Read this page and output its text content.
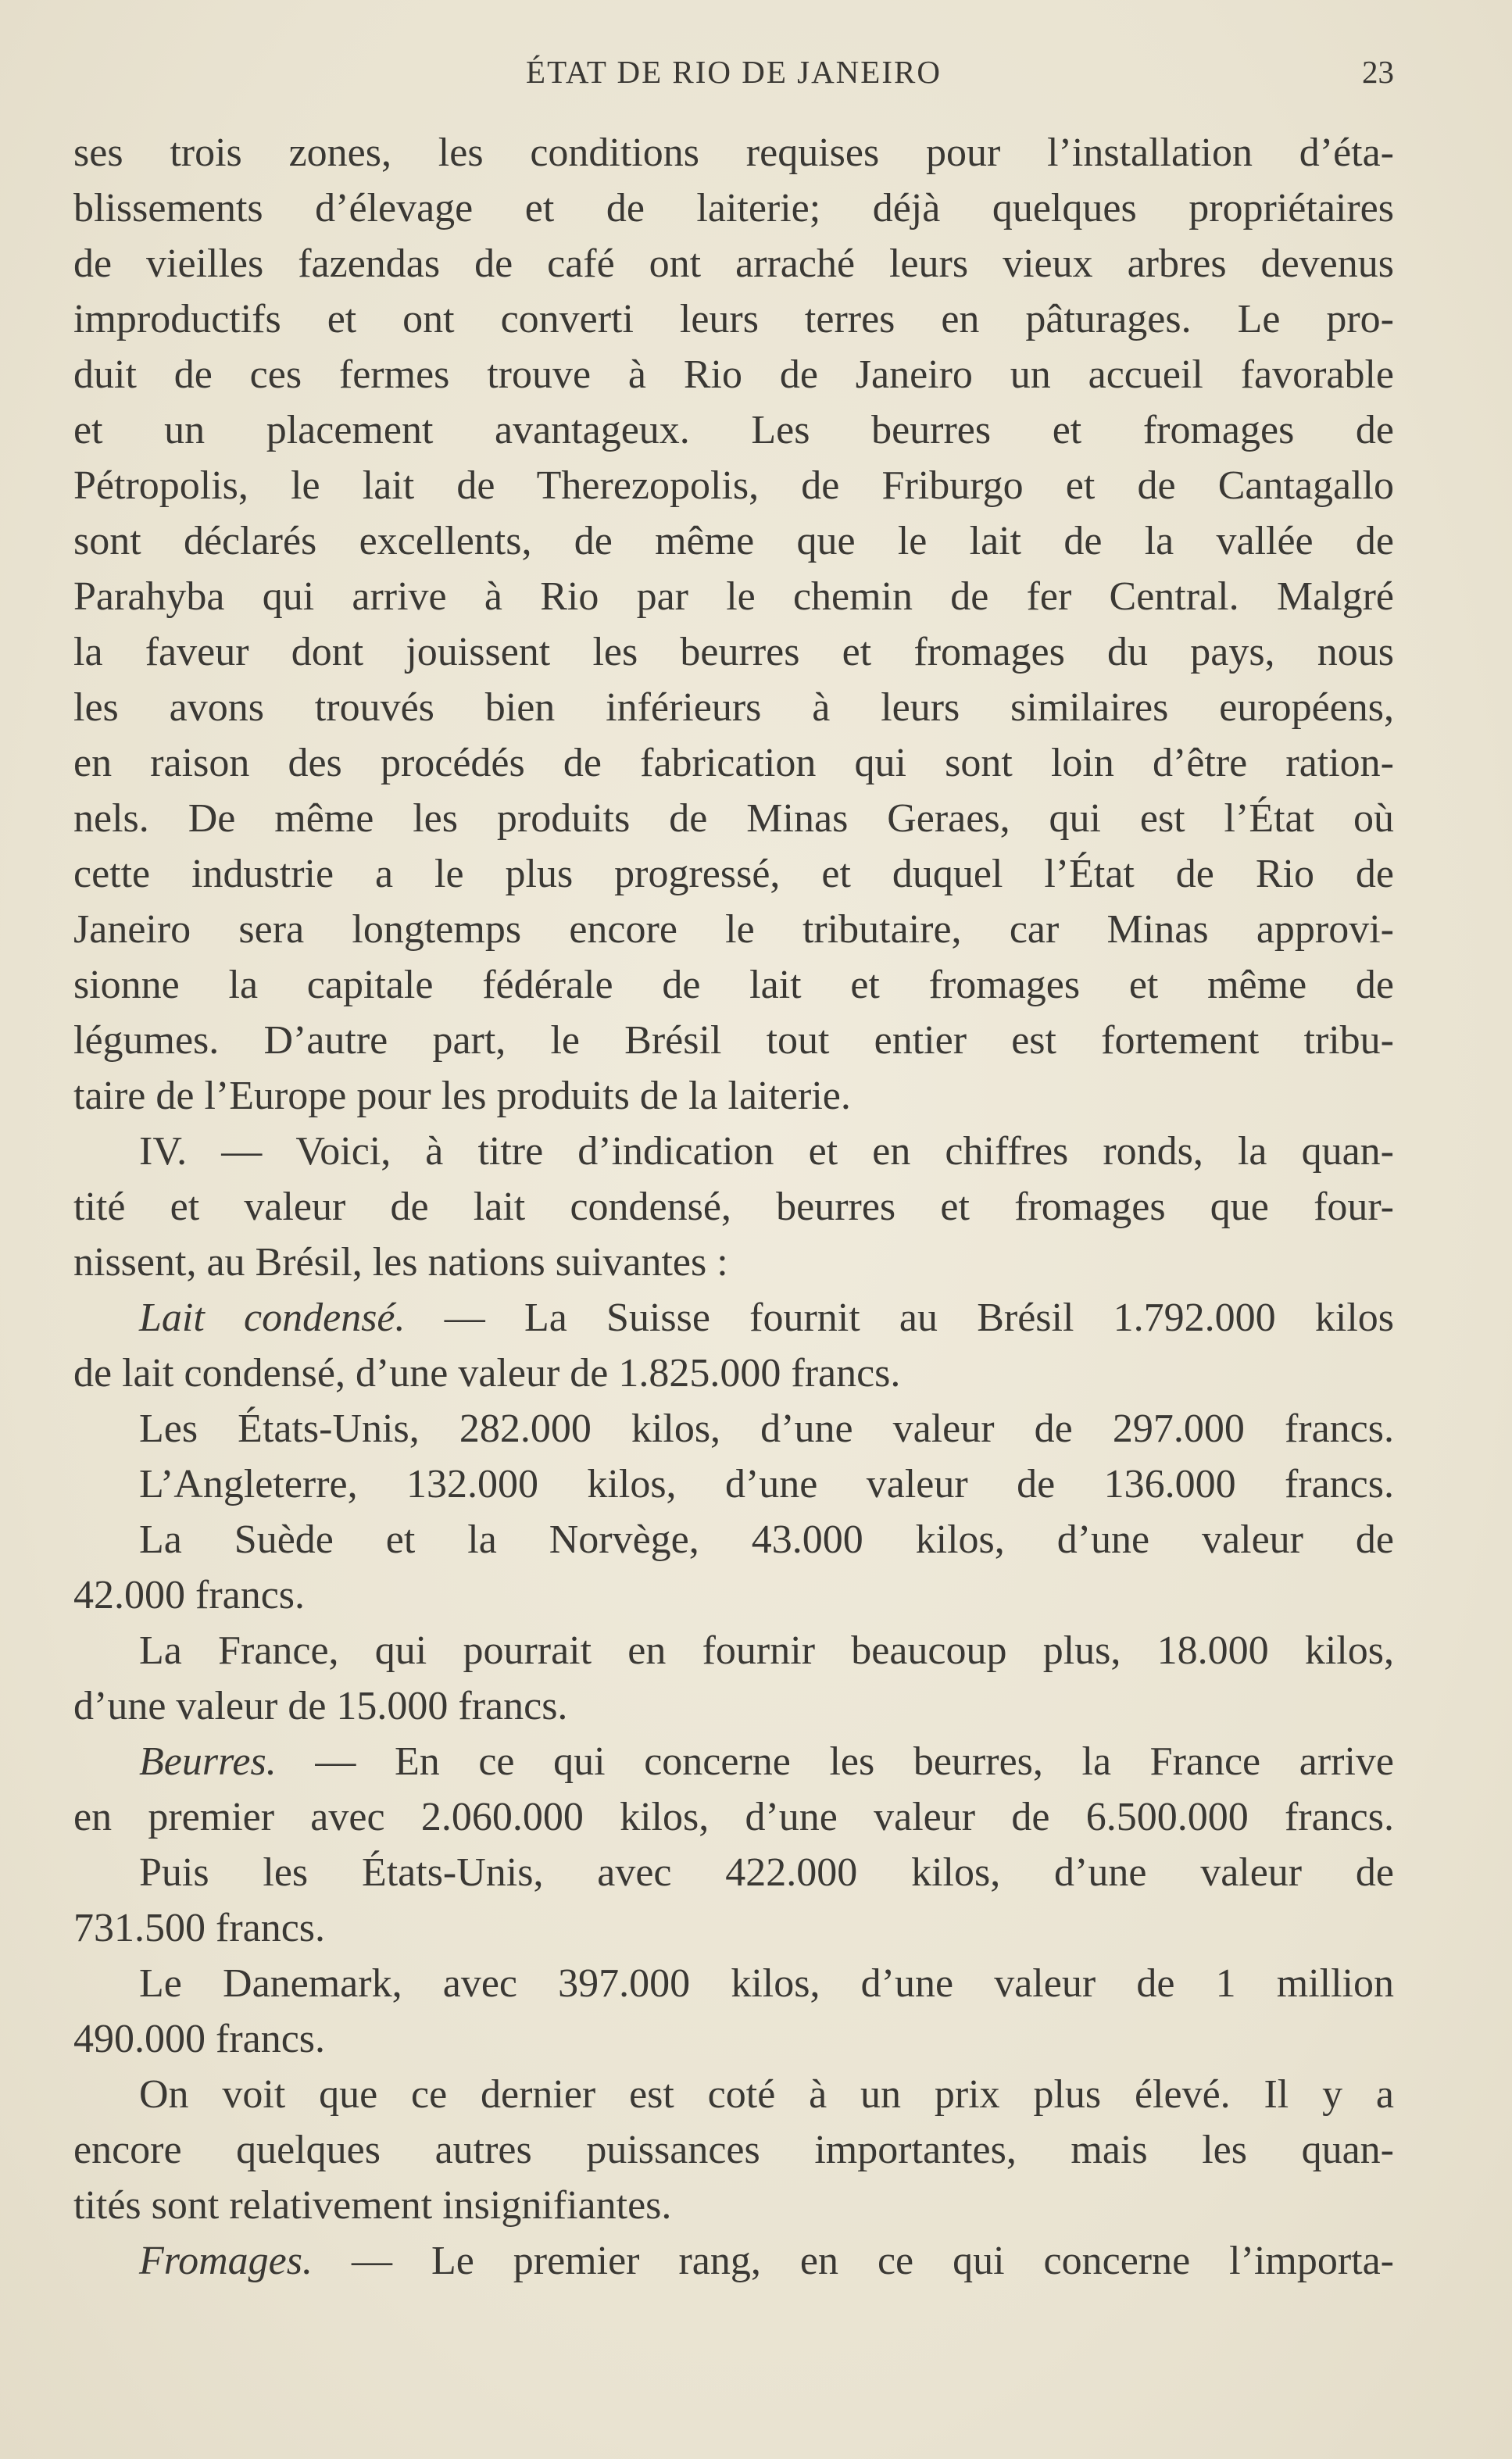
ÉTAT DE RIO DE JANEIRO	23
ses trois zones, les conditions requises pour l’installation d’éta-
blissements d’élevage et de laiterie; déjà quelques propriétaires
de vieilles fazendas de café ont arraché leurs vieux arbres devenus
improductifs et ont converti leurs terres en pâturages. Le pro-
duit de ces fermes trouve à Rio de Janeiro un accueil favorable
et un placement avantageux. Les beurres et fromages de
Pétropolis, le lait de Therezopolis, de Friburgo et de Cantagallo
sont déclarés excellents, de même que le lait de la vallée de
Parahyba qui arrive à Rio par le chemin de fer Central. Malgré
la faveur dont jouissent les beurres et fromages du pays, nous
les avons trouvés bien inférieurs à leurs similaires européens,
en raison des procédés de fabrication qui sont loin d’être ration-
nels. De même les produits de Minas Geraes, qui est l’État où
cette industrie a le plus progressé, et duquel l’État de Rio de
Janeiro sera longtemps encore le tributaire, car Minas approvi-
sionne la capitale fédérale de lait et fromages et même de
légumes. D’autre part, le Brésil tout entier est fortement tribu-
taire de l’Europe pour les produits de la laiterie.
IV. — Voici, à titre d’indication et en chiffres ronds, la quan-
tité et valeur de lait condensé, beurres et fromages que four-
nissent, au Brésil, les nations suivantes :
Lait condensé. — La Suisse fournit au Brésil 1.792.000 kilos
de lait condensé, d’une valeur de 1.825.000 francs.
Les États-Unis, 282.000 kilos, d’une valeur de 297.000 francs.
L’Angleterre, 132.000 kilos, d’une valeur de 136.000 francs.
La Suède et la Norvège, 43.000 kilos, d’une valeur de
42.000 francs.
La France, qui pourrait en fournir beaucoup plus, 18.000 kilos,
d’une valeur de 15.000 francs.
Beurres. — En ce qui concerne les beurres, la France arrive
en premier avec 2.060.000 kilos, d’une valeur de 6.500.000 francs.
Puis les États-Unis, avec 422.000 kilos, d’une valeur de
731.500 francs.
Le Danemark, avec 397.000 kilos, d’une valeur de 1 million
490.000 francs.
On voit que ce dernier est coté à un prix plus élevé. Il y a
encore quelques autres puissances importantes, mais les quan-
tités sont relativement insignifiantes.
Fromages. — Le premier rang, en ce qui concerne l’importa-
